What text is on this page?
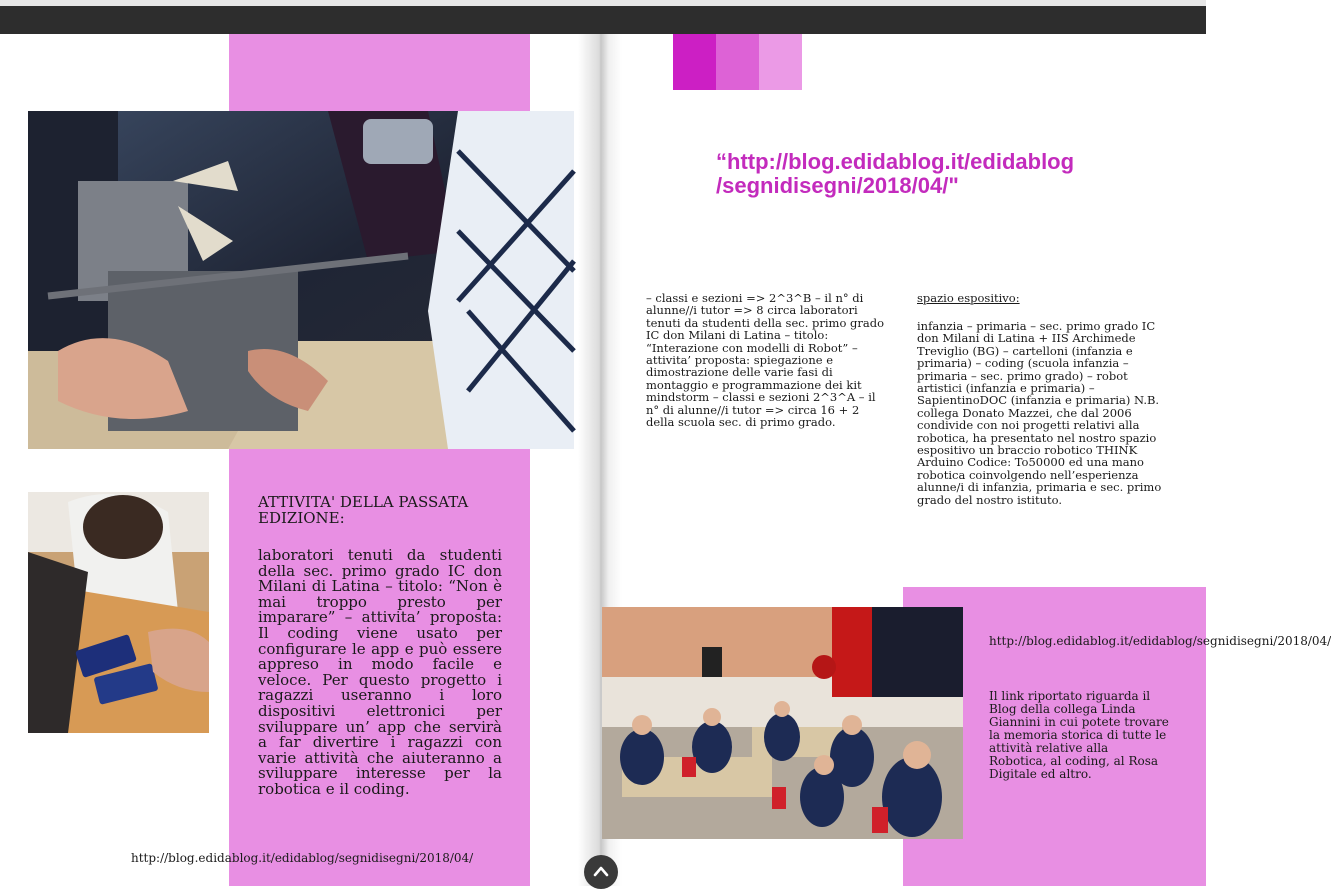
ATTIVITA' DELLA PASSATA EDIZIONE:
laboratori tenuti da studenti della sec. primo grado IC don Milani di Latina – titolo: “Non è mai troppo presto per imparare” – attivita’ proposta: Il coding viene usato per configurare le app e può essere appreso in modo facile e veloce. Per questo progetto i ragazzi useranno i loro dispositivi elettronici per sviluppare un’ app che servirà a far divertire i ragazzi con varie attività che aiuteranno a sviluppare interesse per la robotica e il coding.
http://blog.edidablog.it/edidablog/segnidisegni/2018/04/
“http://blog.edidablog.it/edidablog /segnidisegni/2018/04/"
– classi e sezioni => 2^3^B – il n° di alunne//i tutor => 8 circa laboratori tenuti da studenti della sec. primo grado IC don Milani di Latina – titolo: “Interazione con modelli di Robot” – attivita’ proposta: spiegazione e dimostrazione delle varie fasi di montaggio e programmazione dei kit mindstorm – classi e sezioni 2^3^A – il n° di alunne//i tutor => circa 16 + 2 della scuola sec. di primo grado.
spazio espositivo:
infanzia – primaria – sec. primo grado IC don Milani di Latina + IIS Archimede Treviglio (BG) – cartelloni (infanzia e primaria) – coding (scuola infanzia – primaria – sec. primo grado) – robot artistici (infanzia e primaria) – SapientinoDOC (infanzia e primaria) N.B. collega Donato Mazzei, che dal 2006 condivide con noi progetti relativi alla robotica, ha presentato nel nostro spazio espositivo un braccio robotico THINK Arduino Codice: To50000 ed una mano robotica coinvolgendo nell’esperienza alunne/i di infanzia, primaria e sec. primo grado del nostro istituto.
http://blog.edidablog.it/edidablog/segnidisegni/2018/04/
Il link riportato riguarda il Blog della collega Linda Giannini in cui potete trovare la memoria storica di tutte le attività relative alla Robotica, al coding, al Rosa Digitale ed altro.
